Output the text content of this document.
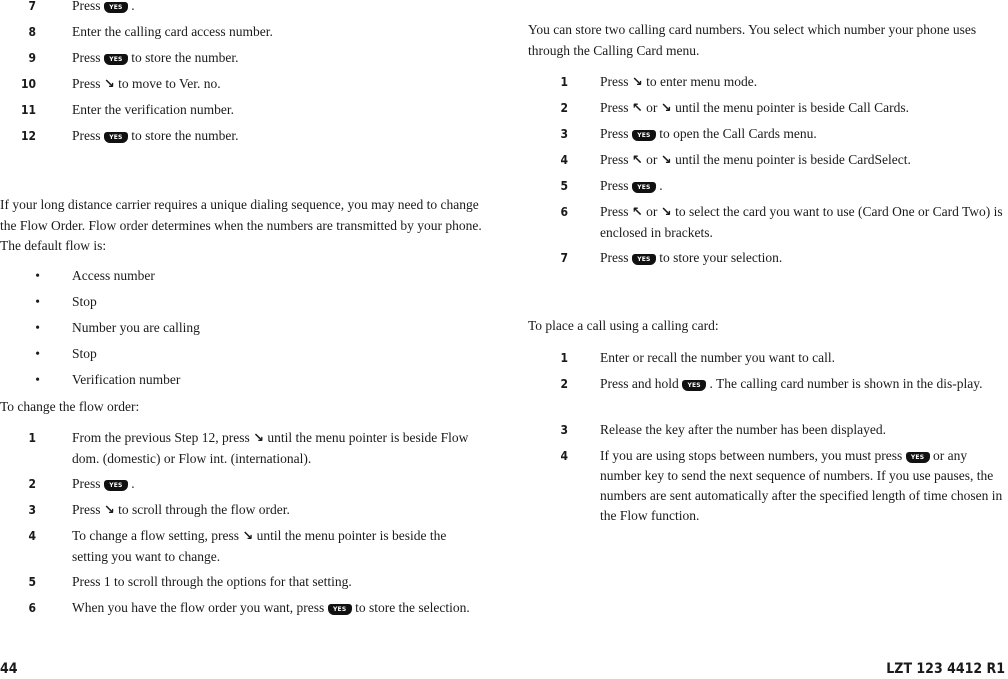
7	Press YES .
8	Enter the calling card access number.
9	Press YES to store the number.
10	Press ↘ to move to Ver. no.
11	Enter the verification number.
12	Press YES to store the number.
If your long distance carrier requires a unique dialing sequence, you may need to change the Flow Order. Flow order determines when the numbers are transmitted by your phone. The default flow is:
•	Access number
•	Stop
•	Number you are calling
•	Stop
•	Verification number
To change the flow order:
1	From the previous Step 12, press ↘ until the menu pointer is beside Flow dom. (domestic) or Flow int. (international).
2	Press YES .
3	Press ↘ to scroll through the flow order.
4	To change a flow setting, press ↘ until the menu pointer is beside the setting you want to change.
5	Press 1 to scroll through the options for that setting.
6	When you have the flow order you want, press YES to store the selection.
You can store two calling card numbers. You select which number your phone uses through the Calling Card menu.
1	Press ↘ to enter menu mode.
2	Press ↖ or ↘ until the menu pointer is beside Call Cards.
3	Press YES to open the Call Cards menu.
4	Press ↖ or ↘ until the menu pointer is beside CardSelect.
5	Press YES .
6	Press ↖ or ↘ to select the card you want to use (Card One or Card Two) is enclosed in brackets.
7	Press YES to store your selection.
To place a call using a calling card:
1	Enter or recall the number you want to call.
2	Press and hold YES . The calling card number is shown in the dis-play.
3	Release the key after the number has been displayed.
4	If you are using stops between numbers, you must press YES or any number key to send the next sequence of numbers. If you use pauses, the numbers are sent automatically after the specified length of time chosen in the Flow function.
44	LZT 123 4412 R1
